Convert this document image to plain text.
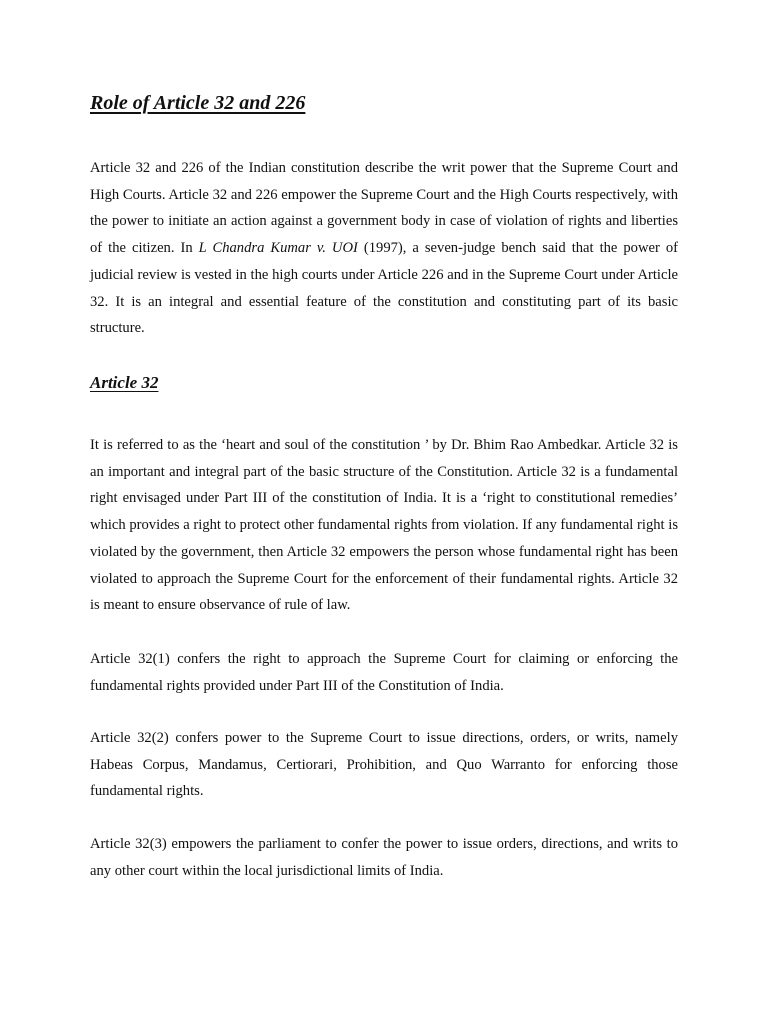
Role of Article 32 and 226

Article 32 and 226 of the Indian constitution describe the writ power that the Supreme Court and High Courts. Article 32 and 226 empower the Supreme Court and the High Courts respectively, with the power to initiate an action against a government body in case of violation of rights and liberties of the citizen. In L Chandra Kumar v. UOI (1997), a seven-judge bench said that the power of judicial review is vested in the high courts under Article 226 and in the Supreme Court under Article 32. It is an integral and essential feature of the constitution and constituting part of its basic structure.

Article 32

It is referred to as the ‘heart and soul of the constitution ’ by Dr. Bhim Rao Ambedkar. Article 32 is an important and integral part of the basic structure of the Constitution. Article 32 is a fundamental right envisaged under Part III of the constitution of India. It is a ‘right to constitutional remedies’ which provides a right to protect other fundamental rights from violation. If any fundamental right is violated by the government, then Article 32 empowers the person whose fundamental right has been violated to approach the Supreme Court for the enforcement of their fundamental rights. Article 32 is meant to ensure observance of rule of law.

Article 32(1) confers the right to approach the Supreme Court for claiming or enforcing the fundamental rights provided under Part III of the Constitution of India.

Article 32(2) confers power to the Supreme Court to issue directions, orders, or writs, namely Habeas Corpus, Mandamus, Certiorari, Prohibition, and Quo Warranto for enforcing those fundamental rights.

Article 32(3) empowers the parliament to confer the power to issue orders, directions, and writs to any other court within the local jurisdictional limits of India.
